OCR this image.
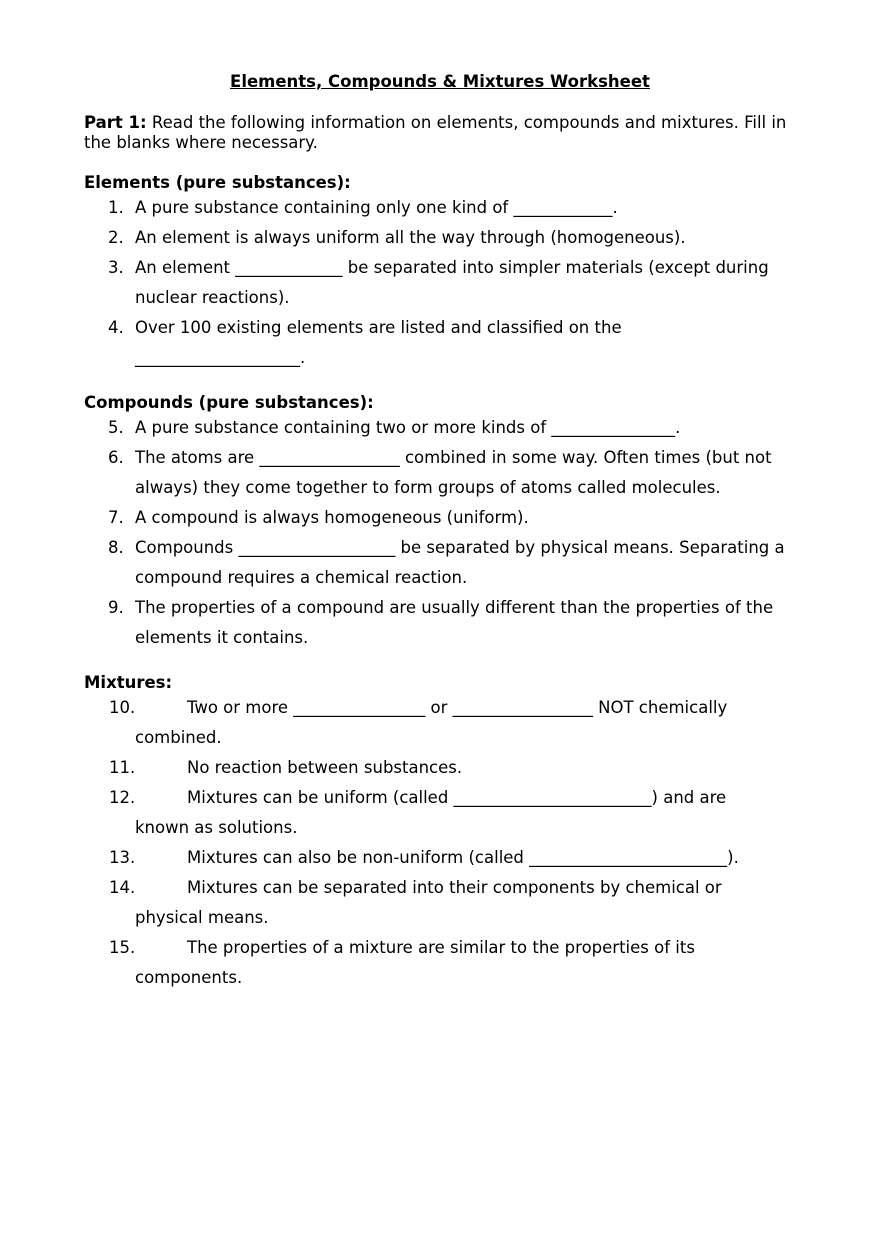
Elements, Compounds & Mixtures Worksheet

Part 1: Read the following information on elements, compounds and mixtures. Fill in the blanks where necessary.

Elements (pure substances):

1. A pure substance containing only one kind of ____________.
2. An element is always uniform all the way through (homogeneous).
3. An element _____________ be separated into simpler materials (except during nuclear reactions).
4. Over 100 existing elements are listed and classified on the ____________________.

Compounds (pure substances):

5. A pure substance containing two or more kinds of _______________.
6. The atoms are _________________ combined in some way. Often times (but not always) they come together to form groups of atoms called molecules.
7. A compound is always homogeneous (uniform).
8. Compounds ___________________ be separated by physical means. Separating a compound requires a chemical reaction.
9. The properties of a compound are usually different than the properties of the elements it contains.

Mixtures:

10.	Two or more ________________ or _________________ NOT chemically
combined.
11.	No reaction between substances.
12.	Mixtures can be uniform (called ________________________) and are
known as solutions.
13.	Mixtures can also be non-uniform (called ________________________).
14.	Mixtures can be separated into their components by chemical or
physical means.
15.	The properties of a mixture are similar to the properties of its
components.
